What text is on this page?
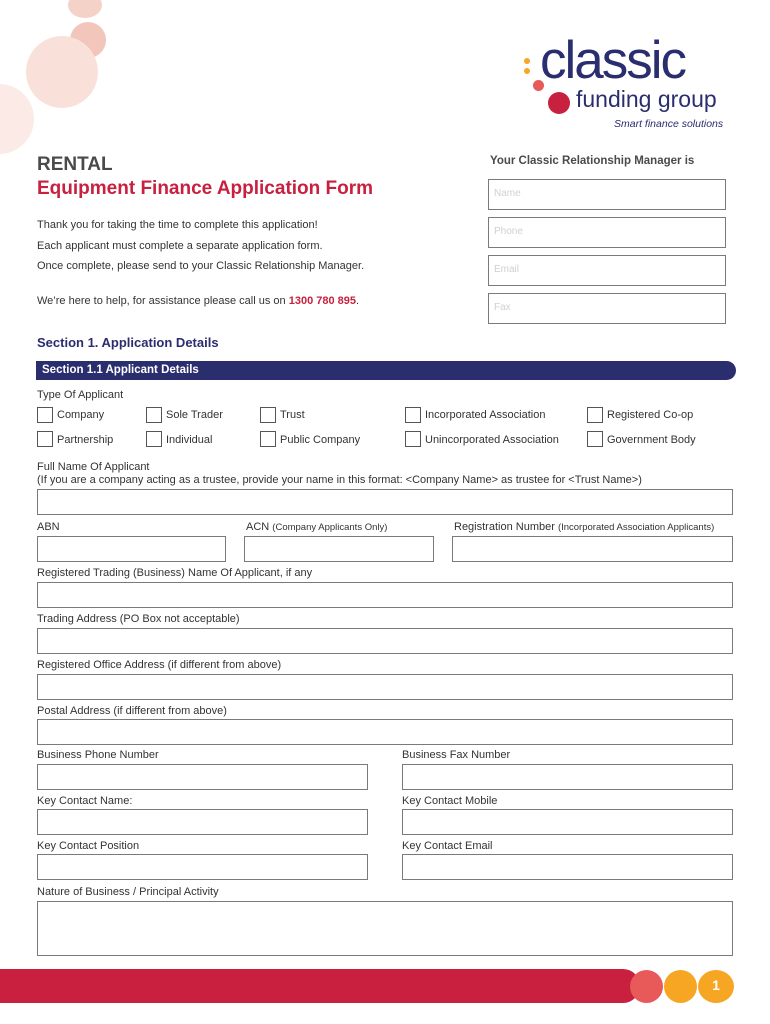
classic
funding group
Smart finance solutions
RENTAL
Equipment Finance Application Form
Thank you for taking the time to complete this application!
Each applicant must complete a separate application form.
Once complete, please send to your Classic Relationship Manager.
We’re here to help, for assistance please call us on 1300 780 895.
Your Classic Relationship Manager is
Name
Phone
Email
Fax
Section 1. Application Details
Section 1.1 Applicant Details
Type Of Applicant
Company	Sole Trader	Trust	Incorporated Association	Registered Co-op
Partnership	Individual	Public Company	Unincorporated Association	Government Body
Full Name Of Applicant
(If you are a company acting as a trustee, provide your name in this format: <Company Name> as trustee for <Trust Name>)
ABN	ACN (Company Applicants Only)	Registration Number (Incorporated Association Applicants)
Registered Trading (Business) Name Of Applicant, if any
Trading Address (PO Box not acceptable)
Registered Office Address (if different from above)
Postal Address (if different from above)
Business Phone Number	Business Fax Number
Key Contact Name:	Key Contact Mobile
Key Contact Position	Key Contact Email
Nature of Business / Principal Activity
1
